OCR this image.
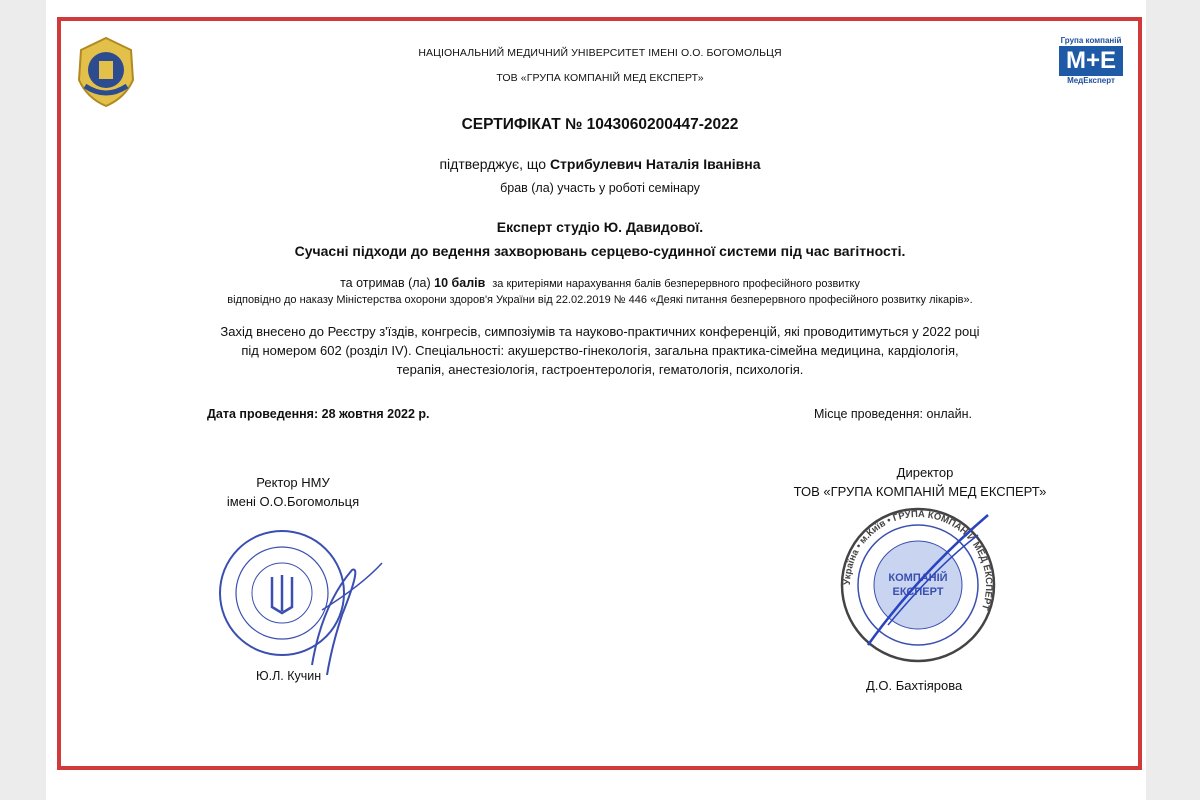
Група компаній
M+E
МедЕксперт
НАЦІОНАЛЬНИЙ МЕДИЧНИЙ УНІВЕРСИТЕТ ІМЕНІ О.О. БОГОМОЛЬЦЯ
ТОВ «ГРУПА КОМПАНІЙ МЕД ЕКСПЕРТ»
СЕРТИФІКАТ № 1043060200447-2022
підтверджує, що Стрибулевич Наталія Іванівна
брав (ла) участь у роботі семінару
Експерт студіо Ю. Давидової.
Сучасні підходи до ведення захворювань серцево-судинної системи під час вагітності.
та отримав (ла) 10 балів за критеріями нарахування балів безперервного професійного розвитку
відповідно до наказу Міністерства охорони здоров'я України від 22.02.2019 № 446 «Деякі питання безперервного професійного розвитку лікарів».
Захід внесено до Реєстру з'їздів, конгресів, симпозіумів та науково-практичних конференцій, які проводитимуться у 2022 році
під номером 602 (розділ IV). Спеціальності: акушерство-гінекологія, загальна практика-сімейна медицина, кардіологія,
терапія, анестезіологія, гастроентерологія, гематологія, психологія.
Дата проведення: 28 жовтня 2022 р.	Місце проведення: онлайн.
Ректор НМУ
імені О.О.Богомольця
Ю.Л. Кучин
Директор
ТОВ «ГРУПА КОМПАНІЙ МЕД ЕКСПЕРТ»
Україна • м.Київ • ГРУПА КОМПАНІЙ МЕД ЕКСПЕРТ
КОМПАНІЙ
ЕКСПЕРТ
Д.О. Бахтіярова
